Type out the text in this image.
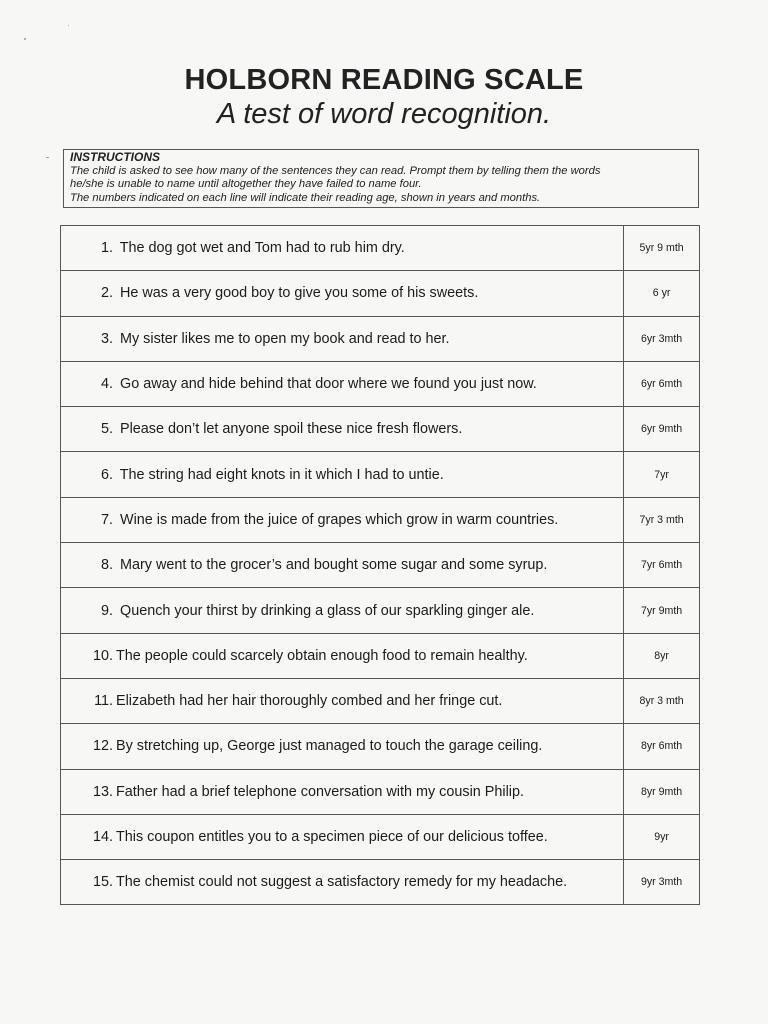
HOLBORN READING SCALE
A test of word recognition.
INSTRUCTIONS
The child is asked to see how many of the sentences they can read. Prompt them by telling them the words
he/she is unable to name until altogether they have failed to name four.
The numbers indicated on each line will indicate their reading age, shown in years and months.
1. The dog got wet and Tom had to rub him dry.	5yr 9 mth
2. He was a very good boy to give you some of his sweets.	6 yr
3. My sister likes me to open my book and read to her.	6yr 3mth
4. Go away and hide behind that door where we found you just now.	6yr 6mth
5. Please don’t let anyone spoil these nice fresh flowers.	6yr 9mth
6. The string had eight knots in it which I had to untie.	7yr
7. Wine is made from the juice of grapes which grow in warm countries.	7yr 3 mth
8. Mary went to the grocer’s and bought some sugar and some syrup.	7yr 6mth
9. Quench your thirst by drinking a glass of our sparkling ginger ale.	7yr 9mth
10. The people could scarcely obtain enough food to remain healthy.	8yr
11. Elizabeth had her hair thoroughly combed and her fringe cut.	8yr 3 mth
12. By stretching up, George just managed to touch the garage ceiling.	8yr 6mth
13. Father had a brief telephone conversation with my cousin Philip.	8yr 9mth
14. This coupon entitles you to a specimen piece of our delicious toffee.	9yr
15. The chemist could not suggest a satisfactory remedy for my headache.	9yr 3mth
